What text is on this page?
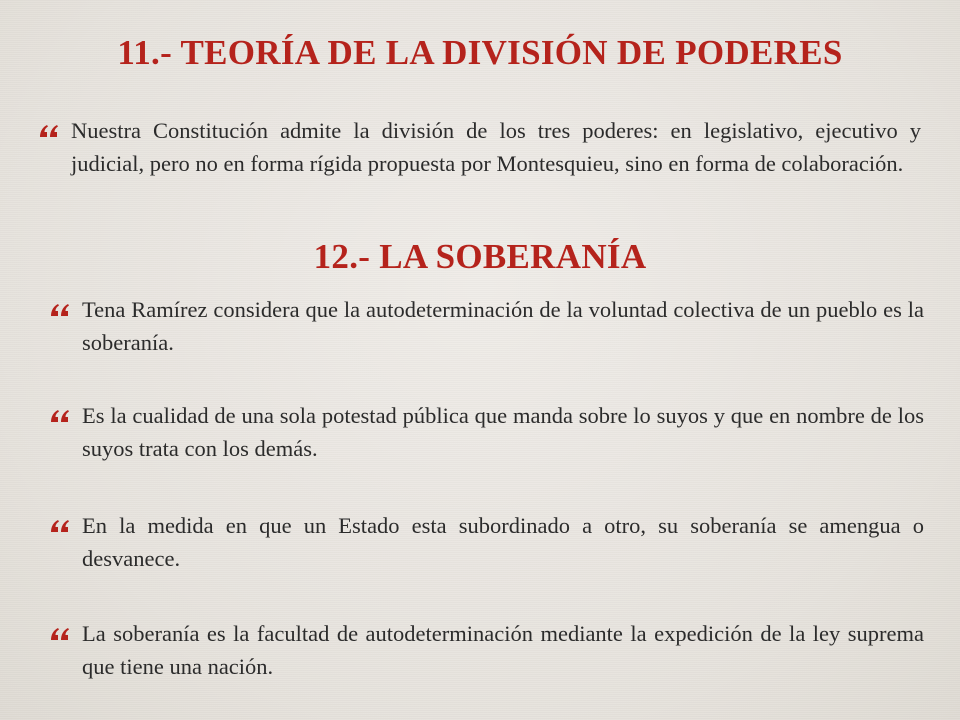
11.- TEORÍA DE LA DIVISIÓN DE PODERES

Nuestra Constitución admite la división de los tres poderes: en legislativo, ejecutivo y judicial, pero no en forma rígida propuesta por Montesquieu, sino en forma de colaboración.

12.- LA SOBERANÍA

Tena Ramírez considera que la autodeterminación de la voluntad colectiva de un pueblo es la soberanía.

Es la cualidad de una sola potestad pública que manda sobre lo suyos y que en nombre de los suyos trata con los demás.

En la medida en que un Estado esta subordinado a otro, su soberanía se amengua o desvanece.

La soberanía es la facultad de autodeterminación mediante la expedición de la ley suprema que tiene una nación.
